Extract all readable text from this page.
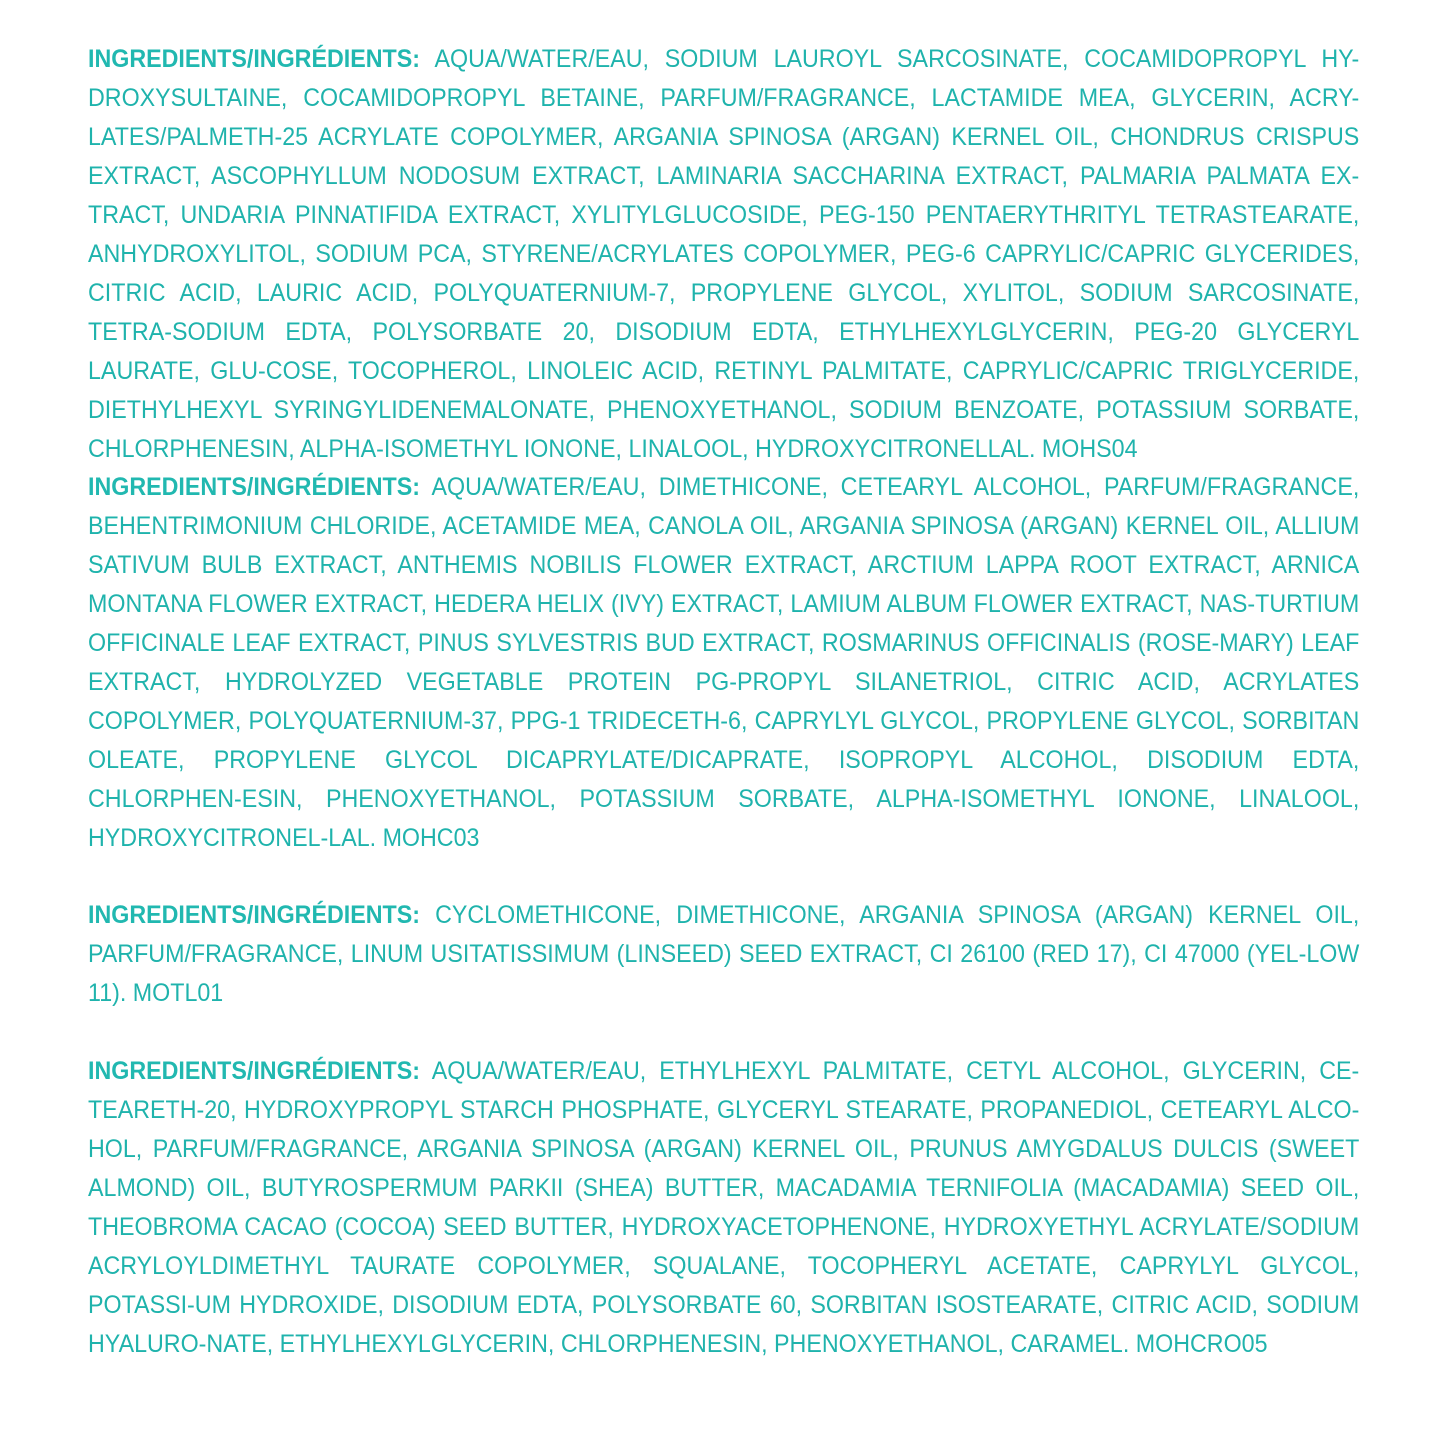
INGREDIENTS/INGRÉDIENTS: AQUA/WATER/EAU, SODIUM LAUROYL SARCOSINATE, COCAMIDOPROPYL HY-DROXYSULTAINE, COCAMIDOPROPYL BETAINE, PARFUM/FRAGRANCE, LACTAMIDE MEA, GLYCERIN, ACRY-LATES/PALMETH-25 ACRYLATE COPOLYMER, ARGANIA SPINOSA (ARGAN) KERNEL OIL, CHONDRUS CRISPUS EXTRACT, ASCOPHYLLUM NODOSUM EXTRACT, LAMINARIA SACCHARINA EXTRACT, PALMARIA PALMATA EX-TRACT, UNDARIA PINNATIFIDA EXTRACT, XYLITYLGLUCOSIDE, PEG-150 PENTAERYTHRITYL TETRASTEARATE, ANHYDROXYLITOL, SODIUM PCA, STYRENE/ACRYLATES COPOLYMER, PEG-6 CAPRYLIC/CAPRIC GLYCERIDES, CITRIC ACID, LAURIC ACID, POLYQUATERNIUM-7, PROPYLENE GLYCOL, XYLITOL, SODIUM SARCOSINATE, TETRA-SODIUM EDTA, POLYSORBATE 20, DISODIUM EDTA, ETHYLHEXYLGLYCERIN, PEG-20 GLYCERYL LAURATE, GLU-COSE, TOCOPHEROL, LINOLEIC ACID, RETINYL PALMITATE, CAPRYLIC/CAPRIC TRIGLYCERIDE, DIETHYLHEXYL SYRINGYLIDENEMALONATE, PHENOXYETHANOL, SODIUM BENZOATE, POTASSIUM SORBATE, CHLORPHENESIN, ALPHA-ISOMETHYL IONONE, LINALOOL, HYDROXYCITRONELLAL. MOHS04

INGREDIENTS/INGRÉDIENTS: AQUA/WATER/EAU, DIMETHICONE, CETEARYL ALCOHOL, PARFUM/FRAGRANCE, BEHENTRIMONIUM CHLORIDE, ACETAMIDE MEA, CANOLA OIL, ARGANIA SPINOSA (ARGAN) KERNEL OIL, ALLIUM SATIVUM BULB EXTRACT, ANTHEMIS NOBILIS FLOWER EXTRACT, ARCTIUM LAPPA ROOT EXTRACT, ARNICA MONTANA FLOWER EXTRACT, HEDERA HELIX (IVY) EXTRACT, LAMIUM ALBUM FLOWER EXTRACT, NAS-TURTIUM OFFICINALE LEAF EXTRACT, PINUS SYLVESTRIS BUD EXTRACT, ROSMARINUS OFFICINALIS (ROSE-MARY) LEAF EXTRACT, HYDROLYZED VEGETABLE PROTEIN PG-PROPYL SILANETRIOL, CITRIC ACID, ACRYLATES COPOLYMER, POLYQUATERNIUM-37, PPG-1 TRIDECETH-6, CAPRYLYL GLYCOL, PROPYLENE GLYCOL, SORBITAN OLEATE, PROPYLENE GLYCOL DICAPRYLATE/DICAPRATE, ISOPROPYL ALCOHOL, DISODIUM EDTA, CHLORPHEN-ESIN, PHENOXYETHANOL, POTASSIUM SORBATE, ALPHA-ISOMETHYL IONONE, LINALOOL, HYDROXYCITRONEL-LAL. MOHC03

INGREDIENTS/INGRÉDIENTS: CYCLOMETHICONE, DIMETHICONE, ARGANIA SPINOSA (ARGAN) KERNEL OIL, PARFUM/FRAGRANCE, LINUM USITATISSIMUM (LINSEED) SEED EXTRACT, CI 26100 (RED 17), CI 47000 (YEL-LOW 11). MOTL01

INGREDIENTS/INGRÉDIENTS: AQUA/WATER/EAU, ETHYLHEXYL PALMITATE, CETYL ALCOHOL, GLYCERIN, CE-TEARETH-20, HYDROXYPROPYL STARCH PHOSPHATE, GLYCERYL STEARATE, PROPANEDIOL, CETEARYL ALCO-HOL, PARFUM/FRAGRANCE, ARGANIA SPINOSA (ARGAN) KERNEL OIL, PRUNUS AMYGDALUS DULCIS (SWEET ALMOND) OIL, BUTYROSPERMUM PARKII (SHEA) BUTTER, MACADAMIA TERNIFOLIA (MACADAMIA) SEED OIL, THEOBROMA CACAO (COCOA) SEED BUTTER, HYDROXYACETOPHENONE, HYDROXYETHYL ACRYLATE/SODIUM ACRYLOYLDIMETHYL TAURATE COPOLYMER, SQUALANE, TOCOPHERYL ACETATE, CAPRYLYL GLYCOL, POTASSI-UM HYDROXIDE, DISODIUM EDTA, POLYSORBATE 60, SORBITAN ISOSTEARATE, CITRIC ACID, SODIUM HYALURO-NATE, ETHYLHEXYLGLYCERIN, CHLORPHENESIN, PHENOXYETHANOL, CARAMEL. MOHCRO05
